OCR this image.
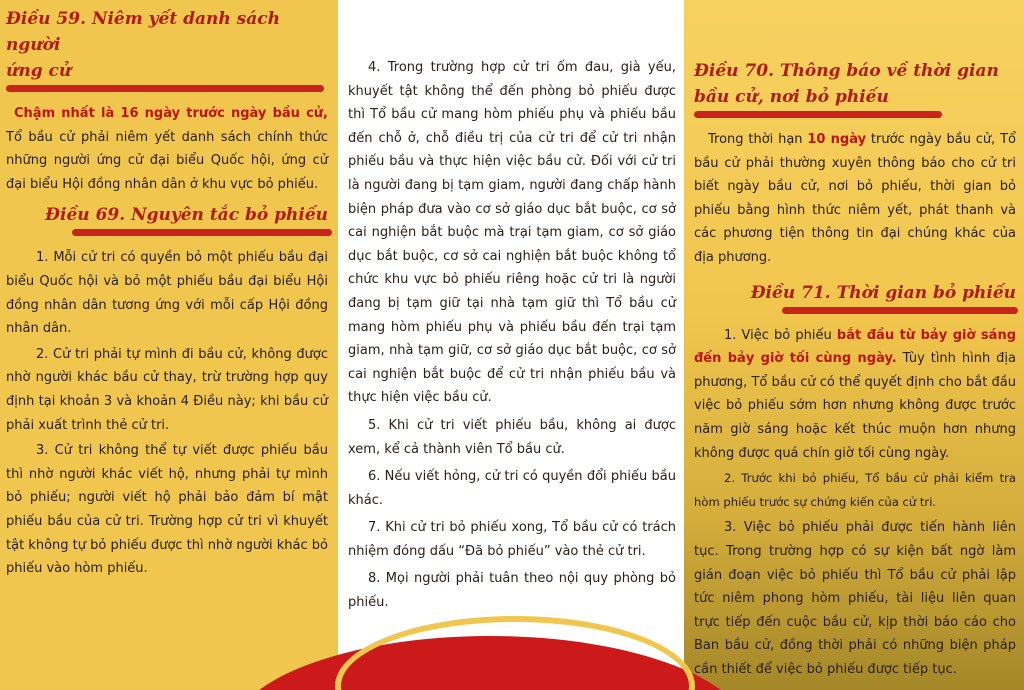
Điều 59. Niêm yết danh sách người
ứng cử

Chậm nhất là 16 ngày trước ngày bầu cử, Tổ bầu cử phải niêm yết danh sách chính thức những người ứng cử đại biểu Quốc hội, ứng cử đại biểu Hội đồng nhân dân ở khu vực bỏ phiếu.

Điều 69. Nguyên tắc bỏ phiếu

1. Mỗi cử tri có quyền bỏ một phiếu bầu đại biểu Quốc hội và bỏ một phiếu bầu đại biểu Hội đồng nhân dân tương ứng với mỗi cấp Hội đồng nhân dân.

2. Cử tri phải tự mình đi bầu cử, không được nhờ người khác bầu cử thay, trừ trường hợp quy định tại khoản 3 và khoản 4 Điều này; khi bầu cử phải xuất trình thẻ cử tri.

3. Cử tri không thể tự viết được phiếu bầu thì nhờ người khác viết hộ, nhưng phải tự mình bỏ phiếu; người viết hộ phải bảo đảm bí mật phiếu bầu của cử tri. Trường hợp cử tri vì khuyết tật không tự bỏ phiếu được thì nhờ người khác bỏ phiếu vào hòm phiếu.

4. Trong trường hợp cử tri ốm đau, già yếu, khuyết tật không thể đến phòng bỏ phiếu được thì Tổ bầu cử mang hòm phiếu phụ và phiếu bầu đến chỗ ở, chỗ điều trị của cử tri để cử tri nhận phiếu bầu và thực hiện việc bầu cử. Đối với cử tri là người đang bị tạm giam, người đang chấp hành biện pháp đưa vào cơ sở giáo dục bắt buộc, cơ sở cai nghiện bắt buộc mà trại tạm giam, cơ sở giáo dục bắt buộc, cơ sở cai nghiện bắt buộc không tổ chức khu vực bỏ phiếu riêng hoặc cử tri là người đang bị tạm giữ tại nhà tạm giữ thì Tổ bầu cử mang hòm phiếu phụ và phiếu bầu đến trại tạm giam, nhà tạm giữ, cơ sở giáo dục bắt buộc, cơ sở cai nghiện bắt buộc để cử tri nhận phiếu bầu và thực hiện việc bầu cử.

5. Khi cử tri viết phiếu bầu, không ai được xem, kể cả thành viên Tổ bầu cử.

6. Nếu viết hỏng, cử tri có quyền đổi phiếu bầu khác.

7. Khi cử tri bỏ phiếu xong, Tổ bầu cử có trách nhiệm đóng dấu “Đã bỏ phiếu” vào thẻ cử tri.

8. Mọi người phải tuân theo nội quy phòng bỏ phiếu.

Điều 70. Thông báo về thời gian
bầu cử, nơi bỏ phiếu

Trong thời hạn 10 ngày trước ngày bầu cử, Tổ bầu cử phải thường xuyên thông báo cho cử tri biết ngày bầu cử, nơi bỏ phiếu, thời gian bỏ phiếu bằng hình thức niêm yết, phát thanh và các phương tiện thông tin đại chúng khác của địa phương.

Điều 71. Thời gian bỏ phiếu

1. Việc bỏ phiếu bắt đầu từ bảy giờ sáng đến bảy giờ tối cùng ngày. Tùy tình hình địa phương, Tổ bầu cử có thể quyết định cho bắt đầu việc bỏ phiếu sớm hơn nhưng không được trước năm giờ sáng hoặc kết thúc muộn hơn nhưng không được quá chín giờ tối cùng ngày.

2. Trước khi bỏ phiếu, Tổ bầu cử phải kiểm tra hòm phiếu trước sự chứng kiến của cử tri.

3. Việc bỏ phiếu phải được tiến hành liên tục. Trong trường hợp có sự kiện bất ngờ làm gián đoạn việc bỏ phiếu thì Tổ bầu cử phải lập tức niêm phong hòm phiếu, tài liệu liên quan trực tiếp đến cuộc bầu cử, kịp thời báo cáo cho Ban bầu cử, đồng thời phải có những biện pháp cần thiết để việc bỏ phiếu được tiếp tục.
